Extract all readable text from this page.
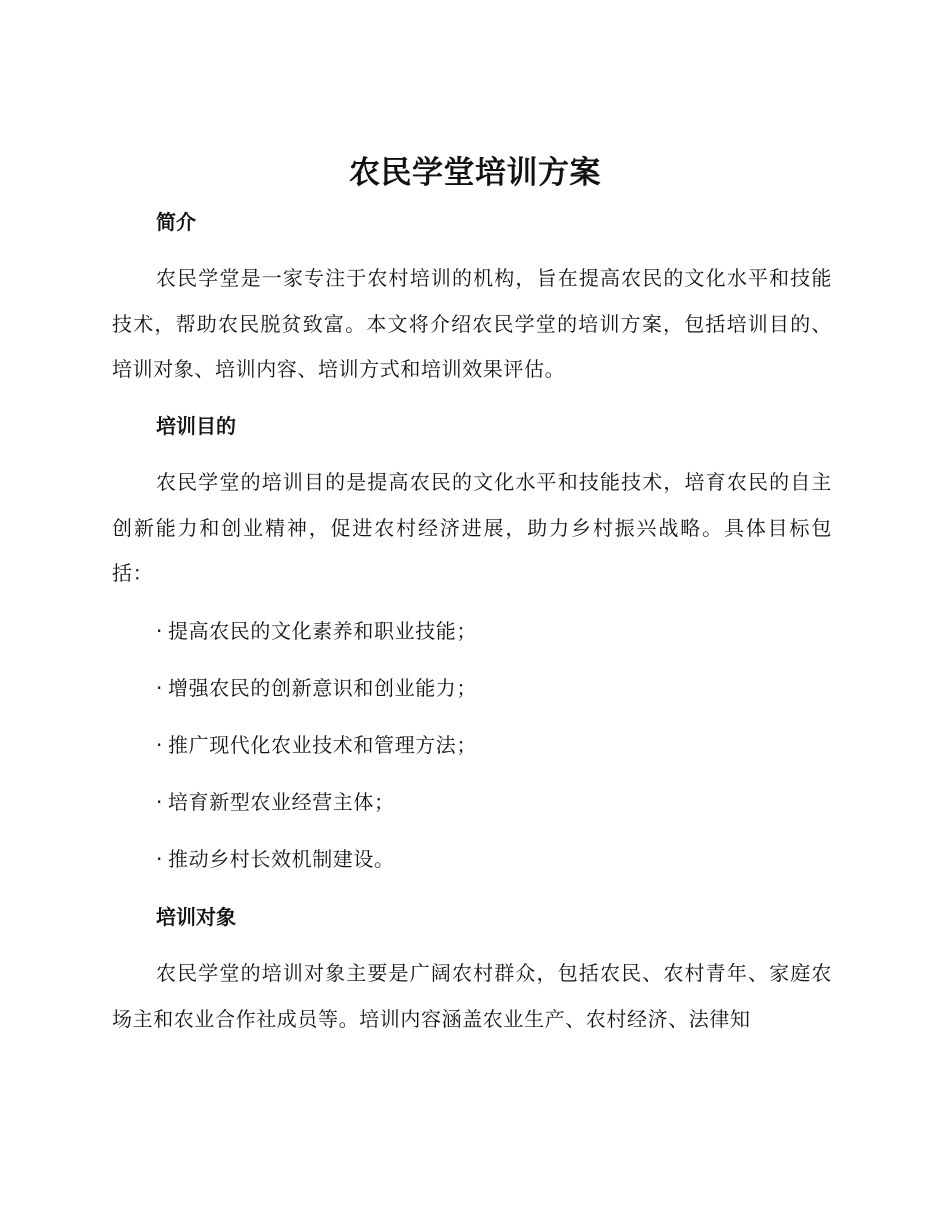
农民学堂培训方案
简介

农民学堂是一家专注于农村培训的机构，旨在提高农民的文化水平和技能技术，帮助农民脱贫致富。本文将介绍农民学堂的培训方案，包括培训目的、培训对象、培训内容、培训方式和培训效果评估。

培训目的

农民学堂的培训目的是提高农民的文化水平和技能技术，培育农民的自主创新能力和创业精神，促进农村经济进展，助力乡村振兴战略。具体目标包括：

· 提高农民的文化素养和职业技能；
· 增强农民的创新意识和创业能力；
· 推广现代化农业技术和管理方法；
· 培育新型农业经营主体；
· 推动乡村长效机制建设。
培训对象

农民学堂的培训对象主要是广阔农村群众，包括农民、农村青年、家庭农场主和农业合作社成员等。培训内容涵盖农业生产、农村经济、法律知
